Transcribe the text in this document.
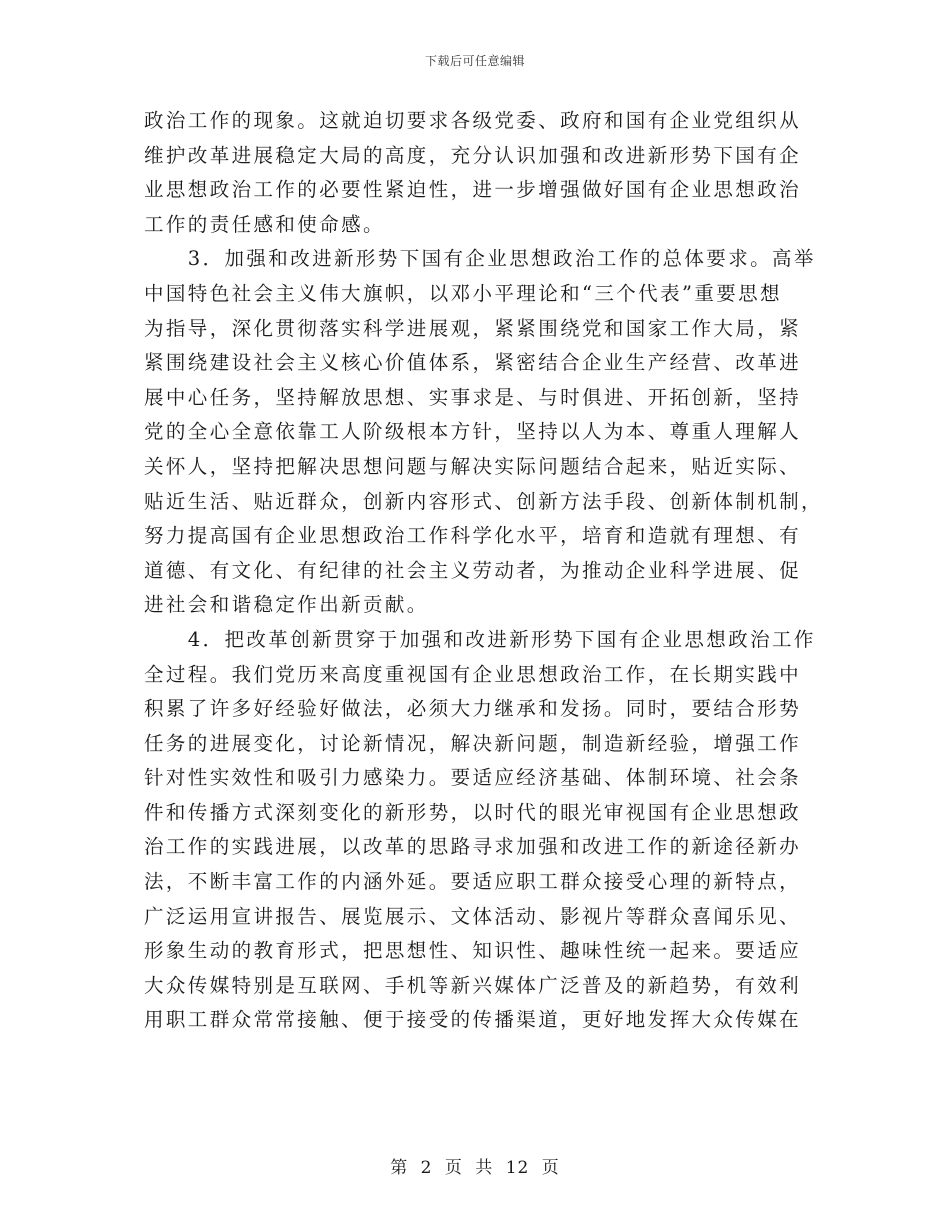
下载后可任意编辑
政治工作的现象。这就迫切要求各级党委、政府和国有企业党组织从
维护改革进展稳定大局的高度，充分认识加强和改进新形势下国有企
业思想政治工作的必要性紧迫性，进一步增强做好国有企业思想政治
工作的责任感和使命感。
　　3．加强和改进新形势下国有企业思想政治工作的总体要求。高举
中国特色社会主义伟大旗帜，以邓小平理论和“三个代表”重要思想
为指导，深化贯彻落实科学进展观，紧紧围绕党和国家工作大局，紧
紧围绕建设社会主义核心价值体系，紧密结合企业生产经营、改革进
展中心任务，坚持解放思想、实事求是、与时俱进、开拓创新，坚持
党的全心全意依靠工人阶级根本方针，坚持以人为本、尊重人理解人
关怀人，坚持把解决思想问题与解决实际问题结合起来，贴近实际、
贴近生活、贴近群众，创新内容形式、创新方法手段、创新体制机制，
努力提高国有企业思想政治工作科学化水平，培育和造就有理想、有
道德、有文化、有纪律的社会主义劳动者，为推动企业科学进展、促
进社会和谐稳定作出新贡献。
　　4．把改革创新贯穿于加强和改进新形势下国有企业思想政治工作
全过程。我们党历来高度重视国有企业思想政治工作，在长期实践中
积累了许多好经验好做法，必须大力继承和发扬。同时，要结合形势
任务的进展变化，讨论新情况，解决新问题，制造新经验，增强工作
针对性实效性和吸引力感染力。要适应经济基础、体制环境、社会条
件和传播方式深刻变化的新形势，以时代的眼光审视国有企业思想政
治工作的实践进展，以改革的思路寻求加强和改进工作的新途径新办
法，不断丰富工作的内涵外延。要适应职工群众接受心理的新特点，
广泛运用宣讲报告、展览展示、文体活动、影视片等群众喜闻乐见、
形象生动的教育形式，把思想性、知识性、趣味性统一起来。要适应
大众传媒特别是互联网、手机等新兴媒体广泛普及的新趋势，有效利
用职工群众常常接触、便于接受的传播渠道，更好地发挥大众传媒在
第 2 页 共 12 页
